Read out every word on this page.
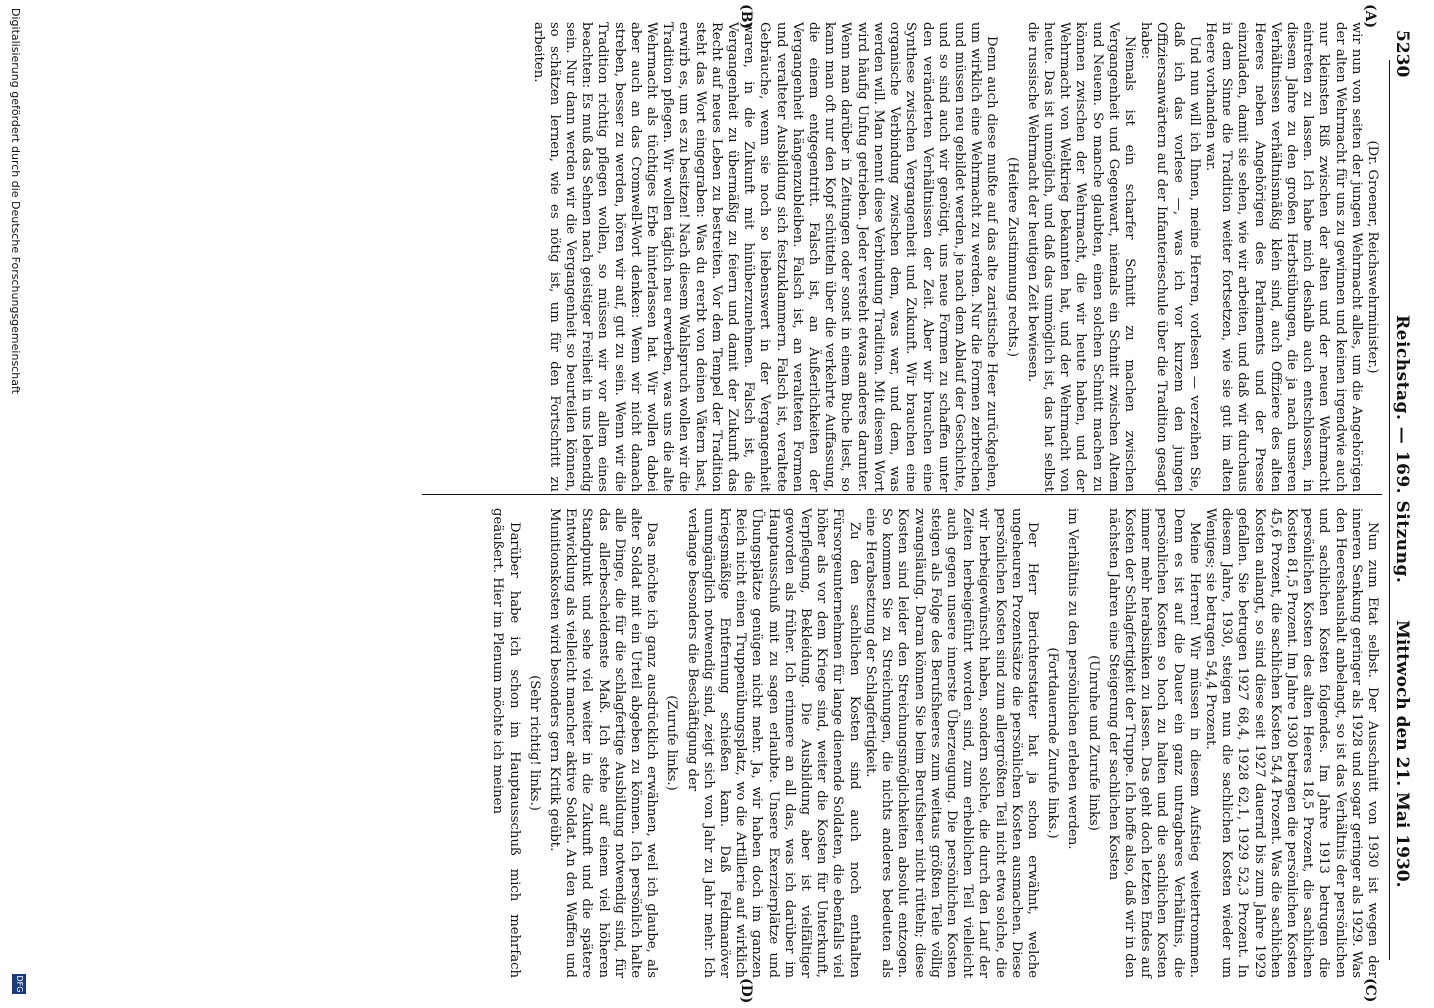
5230
Reichstag. — 169. Sitzung.
Mittwoch den 21. Mai 1930.
(A)
(B)
(C)
(D)

(Dr. Groener, Reichswehrminister.)

wir nun von seiten der jungen Wehrmacht alles, um die Angehörigen der alten Wehrmacht für uns zu gewinnen und keinen irgendwie auch nur kleinsten Riß zwischen der alten und der neuen Wehrmacht eintreten zu lassen. Ich habe mich deshalb auch entschlossen, in diesem Jahre zu den großen Herbstübungen, die ja nach unseren Verhältnissen verhältnismäßig klein sind, auch Offiziere des alten Heeres neben Angehörigen des Parlaments und der Presse einzuladen, damit sie sehen, wie wir arbeiten, und daß wir durchaus in dem Sinne die Tradition weiter fortsetzen, wie sie gut im alten Heere vorhanden war.

Und nun will ich Ihnen, meine Herren, vorlesen — verzeihen Sie, daß ich das vorlese —, was ich vor kurzem den jungen Offiziersanwärtern auf der Infanterieschule über die Tradition gesagt habe:

Niemals ist ein scharfer Schnitt zu machen zwischen Vergangenheit und Gegenwart, niemals ein Schnitt zwischen Altem und Neuem. So manche glaubten, einen solchen Schnitt machen zu können zwischen der Wehrmacht, die wir heute haben, und der Wehrmacht von Weltkrieg bekannten hat, und der Wehrmacht von heute. Das ist unmöglich, und daß das unmöglich ist, das hat selbst die russische Wehrmacht der heutigen Zeit bewiesen.

(Heitere Zustimmung rechts.)

Denn auch diese mußte auf das alte zaristische Heer zurückgehen, um wirklich eine Wehrmacht zu werden. Nur die Formen zerbrechen und müssen neu gebildet werden, je nach dem Ablauf der Geschichte, und so sind auch wir genötigt, uns neue Formen zu schaffen unter den veränderten Verhältnissen der Zeit. Aber wir brauchen eine Synthese zwischen Vergangenheit und Zukunft. Wir brauchen eine organische Verbindung zwischen dem, was war, und dem, was werden will. Man nennt diese Verbindung Tradition. Mit diesem Wort wird häufig Unfug getrieben. Jeder versteht etwas anderes darunter. Wenn man darüber in Zeitungen oder sonst in einem Buche liest, so kann man oft nur den Kopf schütteln über die verkehrte Auffassung, die einem entgegentritt. Falsch ist, an Äußerlichkeiten der Vergangenheit hängenzubleiben. Falsch ist, an veralteten Formen und veralteter Ausbildung sich festzuklammern. Falsch ist, veraltete Gebräuche, wenn sie noch so liebenswert in der Vergangenheit waren, in die Zukunft mit hinüberzunehmen. Falsch ist, die Vergangenheit zu übermäßig zu feiern und damit der Zukunft das Recht auf neues Leben zu bestreiten. Vor dem Tempel der Tradition steht das Wort eingegraben: Was du ererbt von deinen Vätern hast, erwirb es, um es zu besitzen! Nach diesem Wahlspruch wollen wir die Tradition pflegen. Wir wollen täglich neu erwerben, was uns die alte Wehrmacht als tüchtiges Erbe hinterlassen hat. Wir wollen dabei aber auch an das Cromwell-Wort denken: Wenn wir nicht danach streben, besser zu werden, hören wir auf, gut zu sein. Wenn wir die Tradition richtig pflegen wollen, so müssen wir vor allem eines beachten: Es muß das Sehnen nach geistiger Freiheit in uns lebendig sein. Nur dann werden wir die Vergangenheit so beurteilen können, so schätzen lernen, wie es nötig ist, um für den Fortschritt zu arbeiten.

Nun zum Etat selbst. Der Ausschnitt von 1930 ist wegen der inneren Senkung geringer als 1928 und sogar geringer als 1929. Was den Heereshaushalt anbelangt, so ist das Verhältnis der persönlichen und sachlichen Kosten folgendes. Im Jahre 1913 betrugen die persönlichen Kosten des alten Heeres 18,5 Prozent, die sachlichen Kosten 81,5 Prozent. Im Jahre 1930 betragen die persönlichen Kosten 45,6 Prozent, die sachlichen Kosten 54,4 Prozent. Was die sachlichen Kosten anlangt, so sind diese seit 1927 dauernd bis zum Jahre 1929 gefallen. Sie betrugen 1927 68,4, 1928 62,1, 1929 52,3 Prozent. In diesem Jahre, 1930, steigen nun die sachlichen Kosten wieder um Weniges; sie betragen 54,4 Prozent.

Meine Herren! Wir müssen in diesem Aufstieg weitertrommen. Denn es ist auf die Dauer ein ganz untragbares Verhältnis, die persönlichen Kosten so hoch zu halten und die sachlichen Kosten immer mehr herabsinken zu lassen. Das geht doch letzten Endes auf Kosten der Schlagfertigkeit der Truppe. Ich hoffe also, daß wir in den nächsten Jahren eine Steigerung der sachlichen Kosten

(Unruhe und Zurufe links)

im Verhältnis zu den persönlichen erleben werden.

(Fortdauernde Zurufe links.)

Der Herr Berichterstatter hat ja schon erwähnt, welche ungeheuren Prozentsätze die persönlichen Kosten ausmachen. Diese persönlichen Kosten sind zum allergrößten Teil nicht etwa solche, die wir herbeigewünscht haben, sondern solche, die durch den Lauf der Zeiten herbeigeführt worden sind, zum erheblichen Teil vielleicht auch gegen unsere innerste Überzeugung. Die persönlichen Kosten steigen als Folge des Berufsheeres zum weitaus größten Teile völlig zwangsläufig. Daran können Sie beim Berufsheer nicht rütteln; diese Kosten sind leider den Streichungsmöglichkeiten absolut entzogen. So kommen Sie zu Streichungen, die nichts anderes bedeuten als eine Herabsetzung der Schlagfertigkeit.

Zu den sachlichen Kosten sind auch noch enthalten Fürsorgeunternehmen für lange dienende Soldaten, die ebenfalls viel höher als vor dem Kriege sind, weiter die Kosten für Unterkunft, Verpflegung, Bekleidung. Die Ausbildung aber ist vielfältiger geworden als früher. Ich erinnere an all das, was ich darüber im Hauptausschuß mit zu sagen erlaubte. Unsere Exerzierplätze und Übungsplätze genügen nicht mehr. Ja, wir haben doch im ganzen Reich nicht einen Truppenübungsplatz, wo die Artillerie auf wirklich kriegsmäßige Entfernung schießen kann. Daß Feldmanöver unumgänglich notwendig sind, zeigt sich von Jahr zu Jahr mehr. Ich verlange besonders die Beschäftigung der

(Zurufe links.)

Das möchte ich ganz ausdrücklich erwähnen, weil ich glaube, als alter Soldat mit ein Urteil abgeben zu können. Ich persönlich halte alle Dinge, die für die schlagfertige Ausbildung notwendig sind, für das allerbescheidenste Maß. Ich stehe auf einem viel höheren Standpunkt und sehe viel weiter in die Zukunft und die spätere Entwicklung als vielleicht mancher aktive Soldat. An den Waffen und Munitionskosten wird besonders gern Kritik geübt.

(Sehr richtig! links.)

Darüber habe ich schon im Hauptausschuß mich mehrfach geäußert. Hier im Plenum möchte ich meinen

Digitalisierung gefördert durch die Deutsche Forschungsgemeinschaft
DFG
